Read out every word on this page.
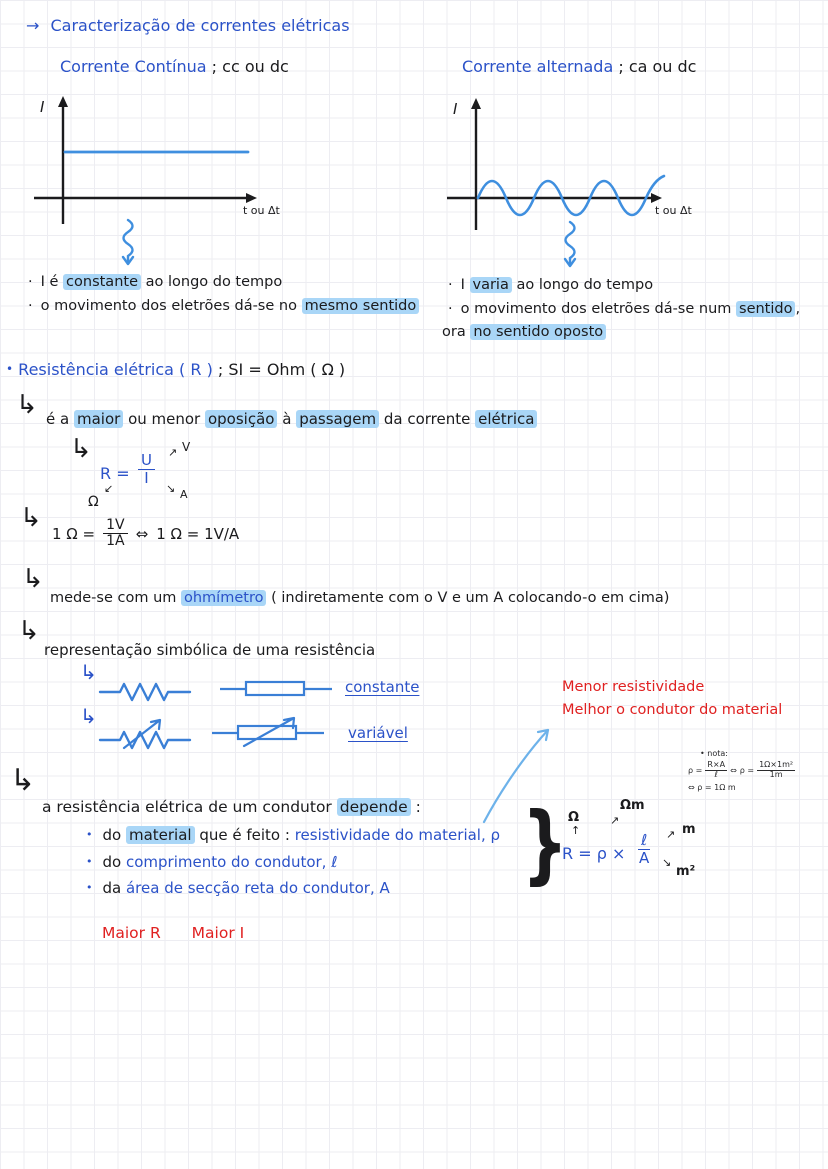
→ Caracterização de correntes elétricas
Corrente Contínua ; cc ou dc
I
t ou Δt
· I é constante ao longo do tempo
· o movimento dos eletrões dá-se no mesmo sentido
Corrente alternada ; ca ou dc
I
t ou Δt
· I varia ao longo do tempo
· o movimento dos eletrões dá-se num sentido ,
ora no sentido oposto
• Resistência elétrica ( R ) ; SI = Ohm ( Ω )
↳ é a maior ou menor oposição à passagem da corrente elétrica
↳
$R = \frac{U}{I}$ ↗ V
↘ A
↙
Ω
↳
1 $\Omega = \frac{1V}{1A}$ ⇔ 1 Ω = 1V/A
↳
mede-se com um ohmímetro ( indiretamente com o V e um A colocando-o em cima)
↳
representação simbólica de uma resistência
↳
constante
↳
variável
Menor resistividade
Melhor o condutor do material
• nota:
$\rho = \frac{R\times A}{\text{ℓ}}$ ⇔ $\rho = \frac{\text{1Ω×1m²}}{1m}$
⇔ ρ = 1Ω m
↳
a resistência elétrica de um condutor depende :
• do material que é feito : resistividade do material, ρ
• do comprimento do condutor, ℓ
• da área de secção reta do condutor, A	}	Ωm
↗
Ω
↑
R = ρ ×
ℓ
A
↗ m
↘
m²
Maior R Maior I
